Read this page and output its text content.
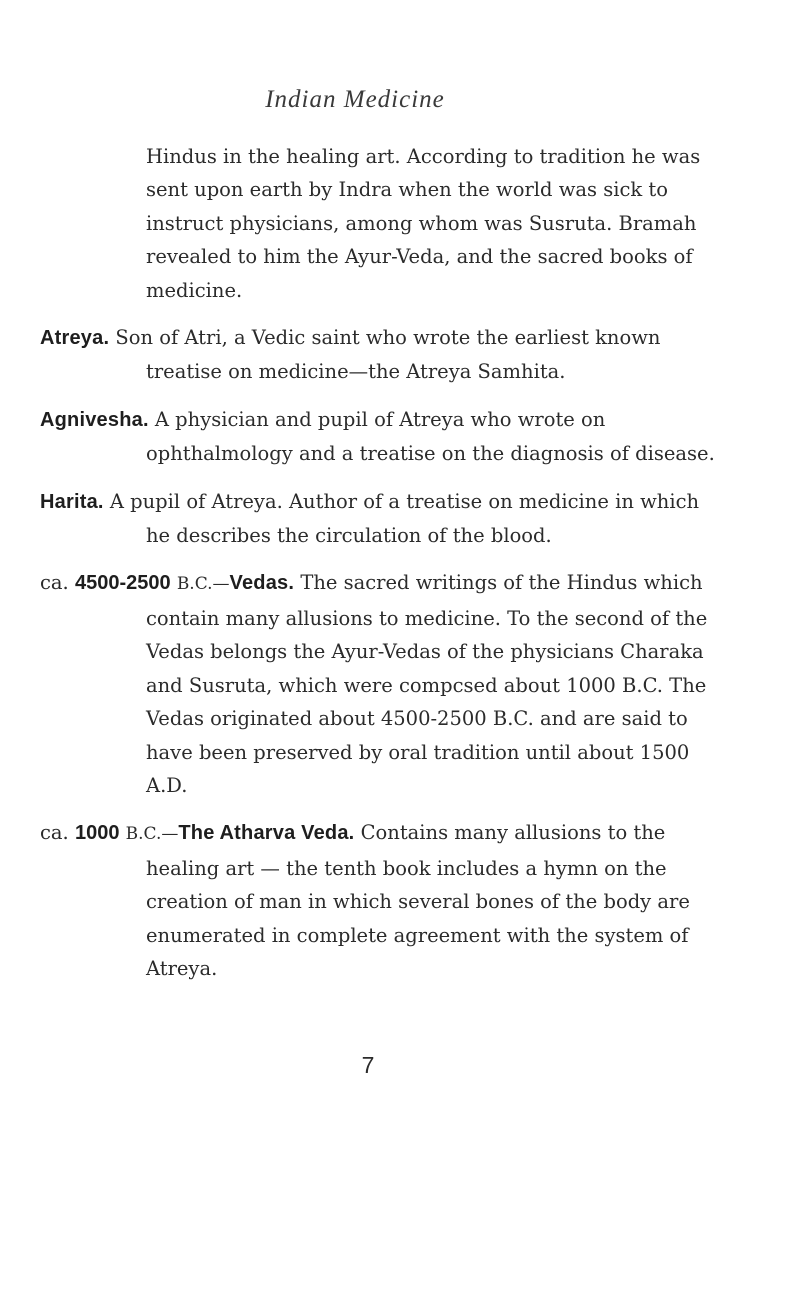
Indian Medicine

Hindus in the healing art. According to tradition he was sent upon earth by Indra when the world was sick to instruct physicians, among whom was Susruta. Bramah revealed to him the Ayur-Veda, and the sacred books of medicine.

Atreya. Son of Atri, a Vedic saint who wrote the earliest known treatise on medicine—the Atreya Samhita.

Agnivesha. A physician and pupil of Atreya who wrote on ophthalmology and a treatise on the diagnosis of disease.

Harita. A pupil of Atreya. Author of a treatise on medicine in which he describes the circulation of the blood.

ca. 4500-2500 B.C.—Vedas. The sacred writings of the Hindus which contain many allusions to medicine. To the second of the Vedas belongs the Ayur-Vedas of the physicians Charaka and Susruta, which were compcsed about 1000 B.C. The Vedas originated about 4500-2500 B.C. and are said to have been preserved by oral tradition until about 1500 A.D.

ca. 1000 B.C.—The Atharva Veda. Contains many allusions to the healing art — the tenth book includes a hymn on the creation of man in which several bones of the body are enumerated in complete agreement with the system of Atreya.

7
